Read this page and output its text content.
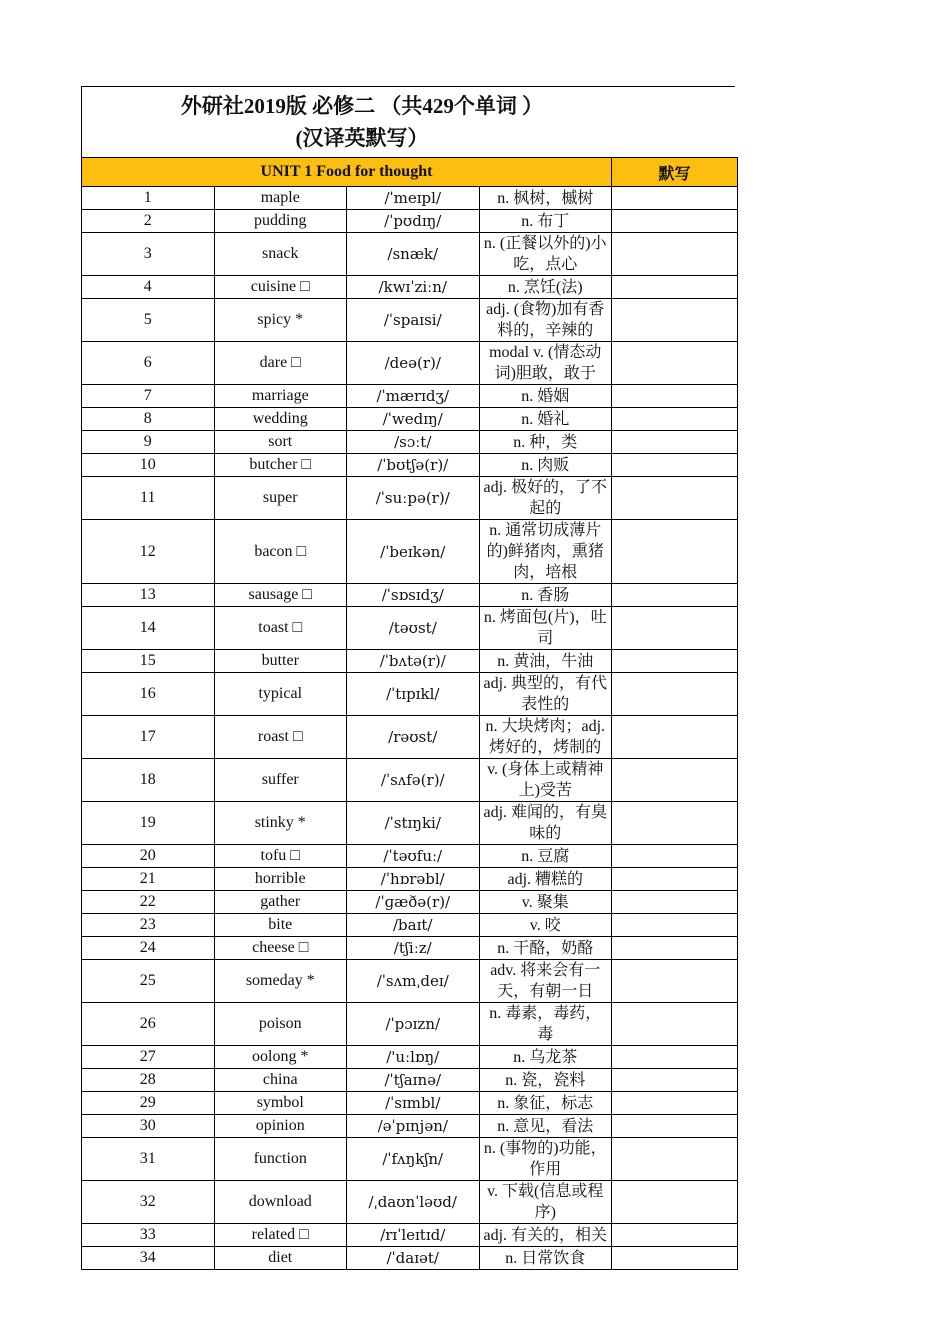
外研社2019版 必修二 （共429个单词 ）
(汉译英默写）
UNIT 1 Food for thought				默写
1	maple	/ˈmeɪpl/	n. 枫树，槭树	

2	pudding	/ˈpʊdɪŋ/	n. 布丁	

3	snack	/snæk/	n. (正餐以外的)小吃，点心	

4	cuisine □	/kwɪˈziːn/	n. 烹饪(法)	

5	spicy *	/ˈspaɪsi/	adj. (食物)加有香料的，辛辣的	

6	dare □	/deə(r)/	modal v. (情态动词)胆敢，敢于	

7	marriage	/ˈmærɪdʒ/	n. 婚姻	

8	wedding	/ˈwedɪŋ/	n. 婚礼	

9	sort	/sɔːt/	n. 种，类	

10	butcher □	/ˈbʊtʃə(r)/	n. 肉贩	

11	super	/ˈsuːpə(r)/	adj. 极好的，了不起的	

12	bacon □	/ˈbeɪkən/	n. 通常切成薄片的)鲜猪肉，熏猪肉，培根	

13	sausage □	/ˈsɒsɪdʒ/	n. 香肠	

14	toast □	/təʊst/	n. 烤面包(片)，吐司	

15	butter	/ˈbʌtə(r)/	n. 黄油，牛油	

16	typical	/ˈtɪpɪkl/	adj. 典型的，有代表性的	

17	roast □	/rəʊst/	n. 大块烤肉；adj. 烤好的，烤制的	

18	suffer	/ˈsʌfə(r)/	v. (身体上或精神上)受苦	

19	stinky *	/ˈstɪŋki/	adj. 难闻的，有臭味的	

20	tofu □	/ˈtəʊfuː/	n. 豆腐	

21	horrible	/ˈhɒrəbl/	adj. 糟糕的	

22	gather	/ˈɡæðə(r)/	v. 聚集	

23	bite	/baɪt/	v. 咬	

24	cheese □	/tʃiːz/	n. 干酪，奶酪	

25	someday *	/ˈsʌmˌdeɪ/	adv. 将来会有一天，有朝一日	

26	poison	/ˈpɔɪzn/	n. 毒素，毒药，毒	

27	oolong *	/'uːlɒŋ/	n. 乌龙茶	

28	china	/ˈtʃaɪnə/	n. 瓷，瓷料	

29	symbol	/ˈsɪmbl/	n. 象征，标志	

30	opinion	/əˈpɪnjən/	n. 意见，看法	

31	function	/ˈfʌŋkʃn/	n. (事物的)功能，作用	

32	download	/ˌdaʊnˈləʊd/	v. 下载(信息或程序)	

33	related □	/rɪˈleɪtɪd/	adj. 有关的，相关	

34	diet	/ˈdaɪət/	n. 日常饮食	
